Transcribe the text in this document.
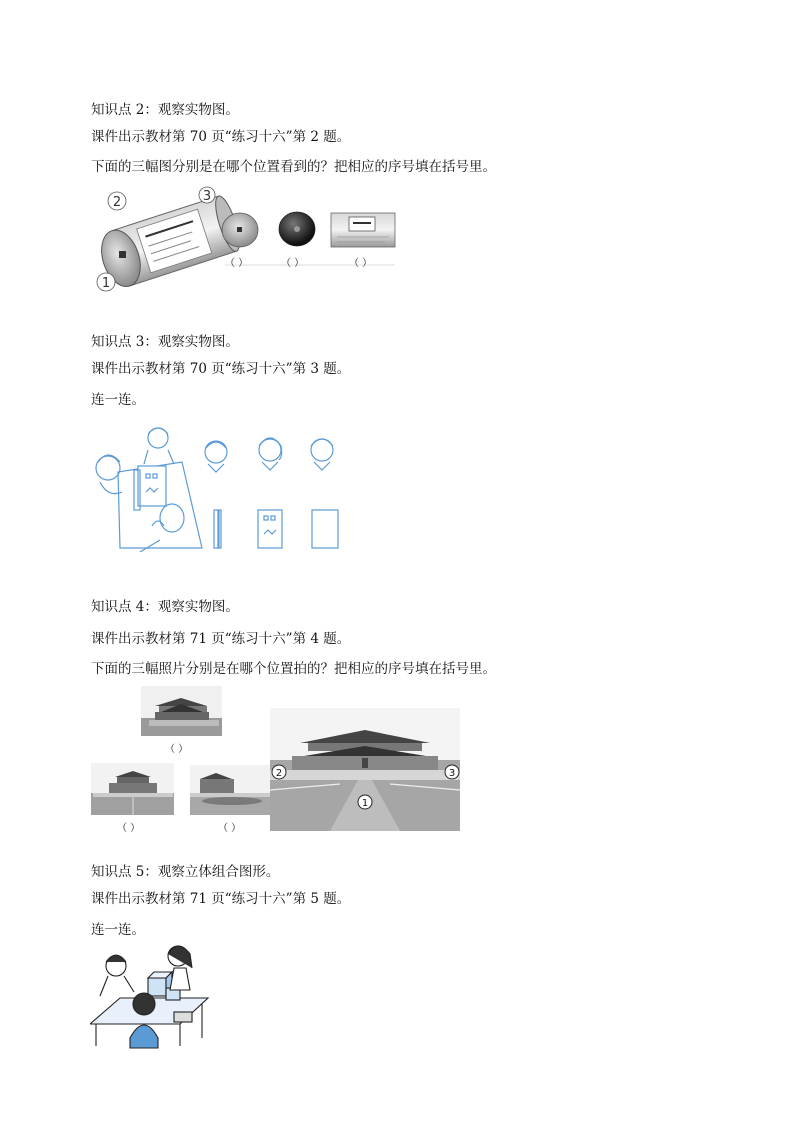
知识点 2：观察实物图。
课件出示教材第 70 页“练习十六”第 2 题。
下面的三幅图分别是在哪个位置看到的？把相应的序号填在括号里。
2	3
1
（ ）	（ ）	（ ）
知识点 3：观察实物图。
课件出示教材第 70 页“练习十六”第 3 题。
连一连。
知识点 4：观察实物图。
课件出示教材第 71 页“练习十六”第 4 题。
下面的三幅照片分别是在哪个位置拍的？把相应的序号填在括号里。
（ ）
（ ）	（ ）
2	3
1
知识点 5：观察立体组合图形。
课件出示教材第 71 页“练习十六”第 5 题。
连一连。
